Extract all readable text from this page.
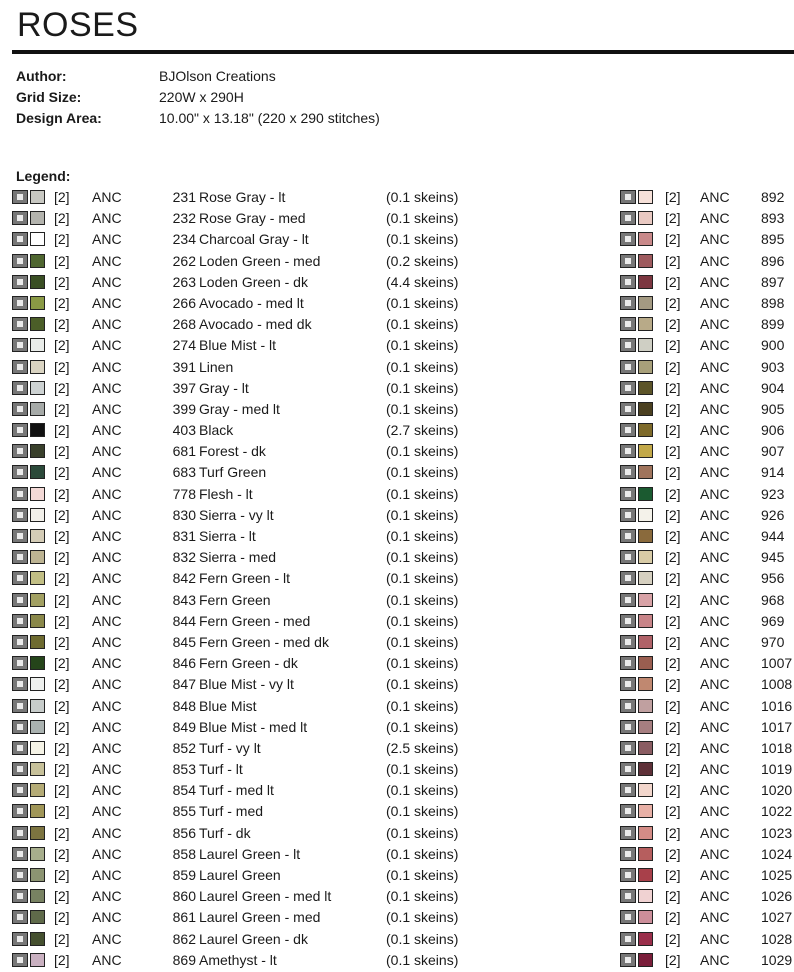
ROSES
Author:	BJOlson Creations
Grid Size:	220W x 290H
Design Area:	10.00" x 13.18" (220 x 290 stitches)
Legend:
[2] ANC	231 Rose Gray - lt	(0.1 skeins)
[2] ANC	232 Rose Gray - med	(0.1 skeins)
[2] ANC	234 Charcoal Gray - lt	(0.1 skeins)
[2] ANC	262 Loden Green - med	(0.2 skeins)
[2] ANC	263 Loden Green - dk	(4.4 skeins)
[2] ANC	266 Avocado - med lt	(0.1 skeins)
[2] ANC	268 Avocado - med dk	(0.1 skeins)
[2] ANC	274 Blue Mist - lt	(0.1 skeins)
[2] ANC	391 Linen	(0.1 skeins)
[2] ANC	397 Gray - lt	(0.1 skeins)
[2] ANC	399 Gray - med lt	(0.1 skeins)
[2] ANC	403 Black	(2.7 skeins)
[2] ANC	681 Forest - dk	(0.1 skeins)
[2] ANC	683 Turf Green	(0.1 skeins)
[2] ANC	778 Flesh - lt	(0.1 skeins)
[2] ANC	830 Sierra - vy lt	(0.1 skeins)
[2] ANC	831 Sierra - lt	(0.1 skeins)
[2] ANC	832 Sierra - med	(0.1 skeins)
[2] ANC	842 Fern Green - lt	(0.1 skeins)
[2] ANC	843 Fern Green	(0.1 skeins)
[2] ANC	844 Fern Green - med	(0.1 skeins)
[2] ANC	845 Fern Green - med dk	(0.1 skeins)
[2] ANC	846 Fern Green - dk	(0.1 skeins)
[2] ANC	847 Blue Mist - vy lt	(0.1 skeins)
[2] ANC	848 Blue Mist	(0.1 skeins)
[2] ANC	849 Blue Mist - med lt	(0.1 skeins)
[2] ANC	852 Turf - vy lt	(2.5 skeins)
[2] ANC	853 Turf - lt	(0.1 skeins)
[2] ANC	854 Turf - med lt	(0.1 skeins)
[2] ANC	855 Turf - med	(0.1 skeins)
[2] ANC	856 Turf - dk	(0.1 skeins)
[2] ANC	858 Laurel Green - lt	(0.1 skeins)
[2] ANC	859 Laurel Green	(0.1 skeins)
[2] ANC	860 Laurel Green - med lt	(0.1 skeins)
[2] ANC	861 Laurel Green - med	(0.1 skeins)
[2] ANC	862 Laurel Green - dk	(0.1 skeins)
[2] ANC	869 Amethyst - lt	(0.1 skeins)
[2] ANC 892
[2] ANC 893
[2] ANC 895
[2] ANC 896
[2] ANC 897
[2] ANC 898
[2] ANC 899
[2] ANC 900
[2] ANC 903
[2] ANC 904
[2] ANC 905
[2] ANC 906
[2] ANC 907
[2] ANC 914
[2] ANC 923
[2] ANC 926
[2] ANC 944
[2] ANC 945
[2] ANC 956
[2] ANC 968
[2] ANC 969
[2] ANC 970
[2] ANC 1007
[2] ANC 1008
[2] ANC 1016
[2] ANC 1017
[2] ANC 1018
[2] ANC 1019
[2] ANC 1020
[2] ANC 1022
[2] ANC 1023
[2] ANC 1024
[2] ANC 1025
[2] ANC 1026
[2] ANC 1027
[2] ANC 1028
[2] ANC 1029
